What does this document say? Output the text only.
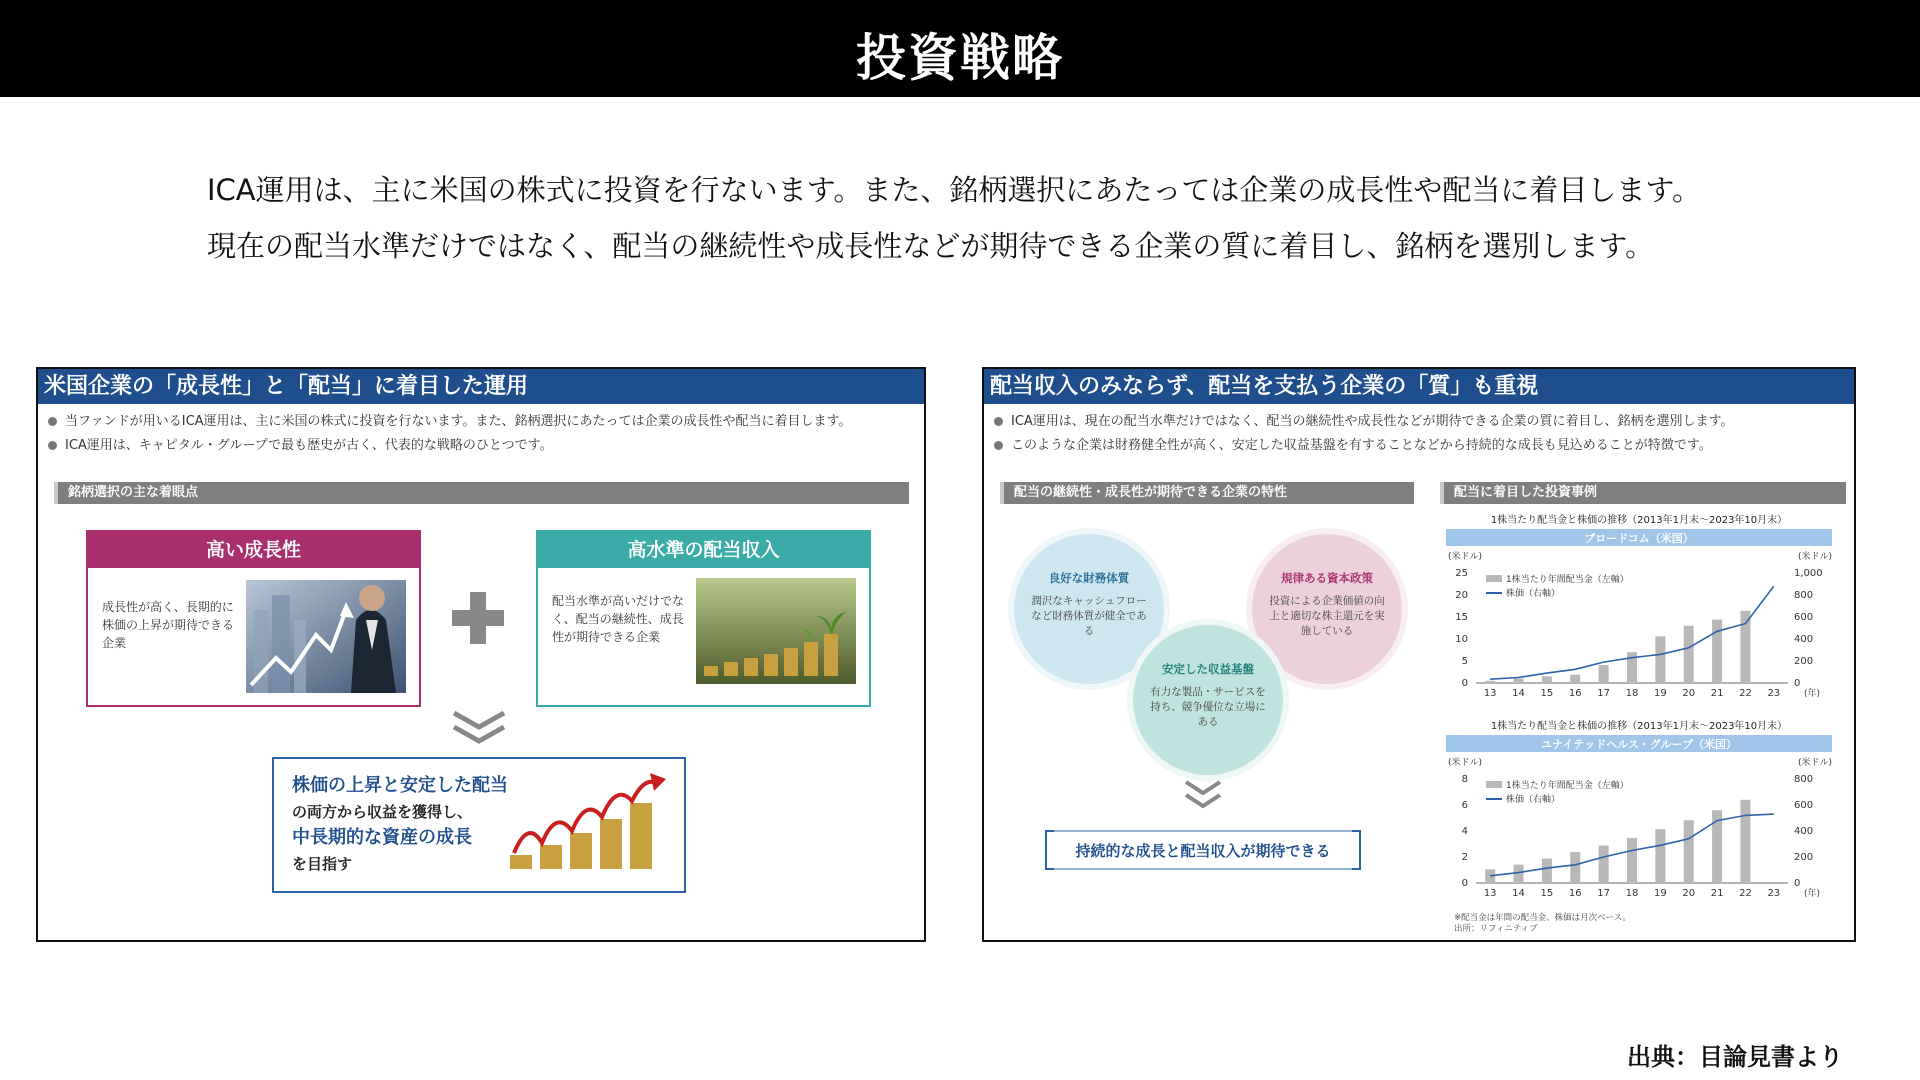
投資戦略
ICA運用は、主に米国の株式に投資を行ないます。また、銘柄選択にあたっては企業の成長性や配当に着目します。
現在の配当水準だけではなく、配当の継続性や成長性などが期待できる企業の質に着目し、銘柄を選別します。
米国企業の「成長性」と「配当」に着目した運用
当ファンドが用いるICA運用は、主に米国の株式に投資を行ないます。また、銘柄選択にあたっては企業の成長性や配当に着目します。
ICA運用は、キャピタル・グループで最も歴史が古く、代表的な戦略のひとつです。
銘柄選択の主な着眼点
高い成長性
成長性が高く、長期的に株価の上昇が期待できる企業
高水準の配当収入
配当水準が高いだけでなく、配当の継続性、成長性が期待できる企業
株価の上昇と安定した配当
の両方から収益を獲得し、
中長期的な資産の成長
を目指す
配当収入のみならず、配当を支払う企業の「質」も重視
ICA運用は、現在の配当水準だけではなく、配当の継続性や成長性などが期待できる企業の質に着目し、銘柄を選別します。
このような企業は財務健全性が高く、安定した収益基盤を有することなどから持続的な成長も見込めることが特徴です。
配当の継続性・成長性が期待できる企業の特性	配当に着目した投資事例
良好な財務体質
潤沢なキャッシュフローなど財務体質が健全である
規律ある資本政策
投資による企業価値の向上と適切な株主還元を実施している
安定した収益基盤
有力な製品・サービスを持ち、競争優位な立場にある
持続的な成長と配当収入が期待できる
1株当たり配当金と株価の推移（2013年1月末～2023年10月末）
ブロードコム（米国）
(米ドル)	(米ドル)
0
5
10
15
20
25
0
200
400
600
800
1,000
13 14 15 16 17 18 19 20 21 22 23	(年)
1株当たり年間配当金（左軸）
株価（右軸）
1株当たり配当金と株価の推移（2013年1月末～2023年10月末）
ユナイテッドヘルス・グループ（米国）
(米ドル)	(米ドル)
0
2
4
6
8
0
200
400
600
800
13 14 15 16 17 18 19 20 21 22 23	(年)
1株当たり年間配当金（左軸）
株価（右軸）
※配当金は年間の配当金、株価は月次ベース。
出所：リフィニティブ
出典：目論見書より
